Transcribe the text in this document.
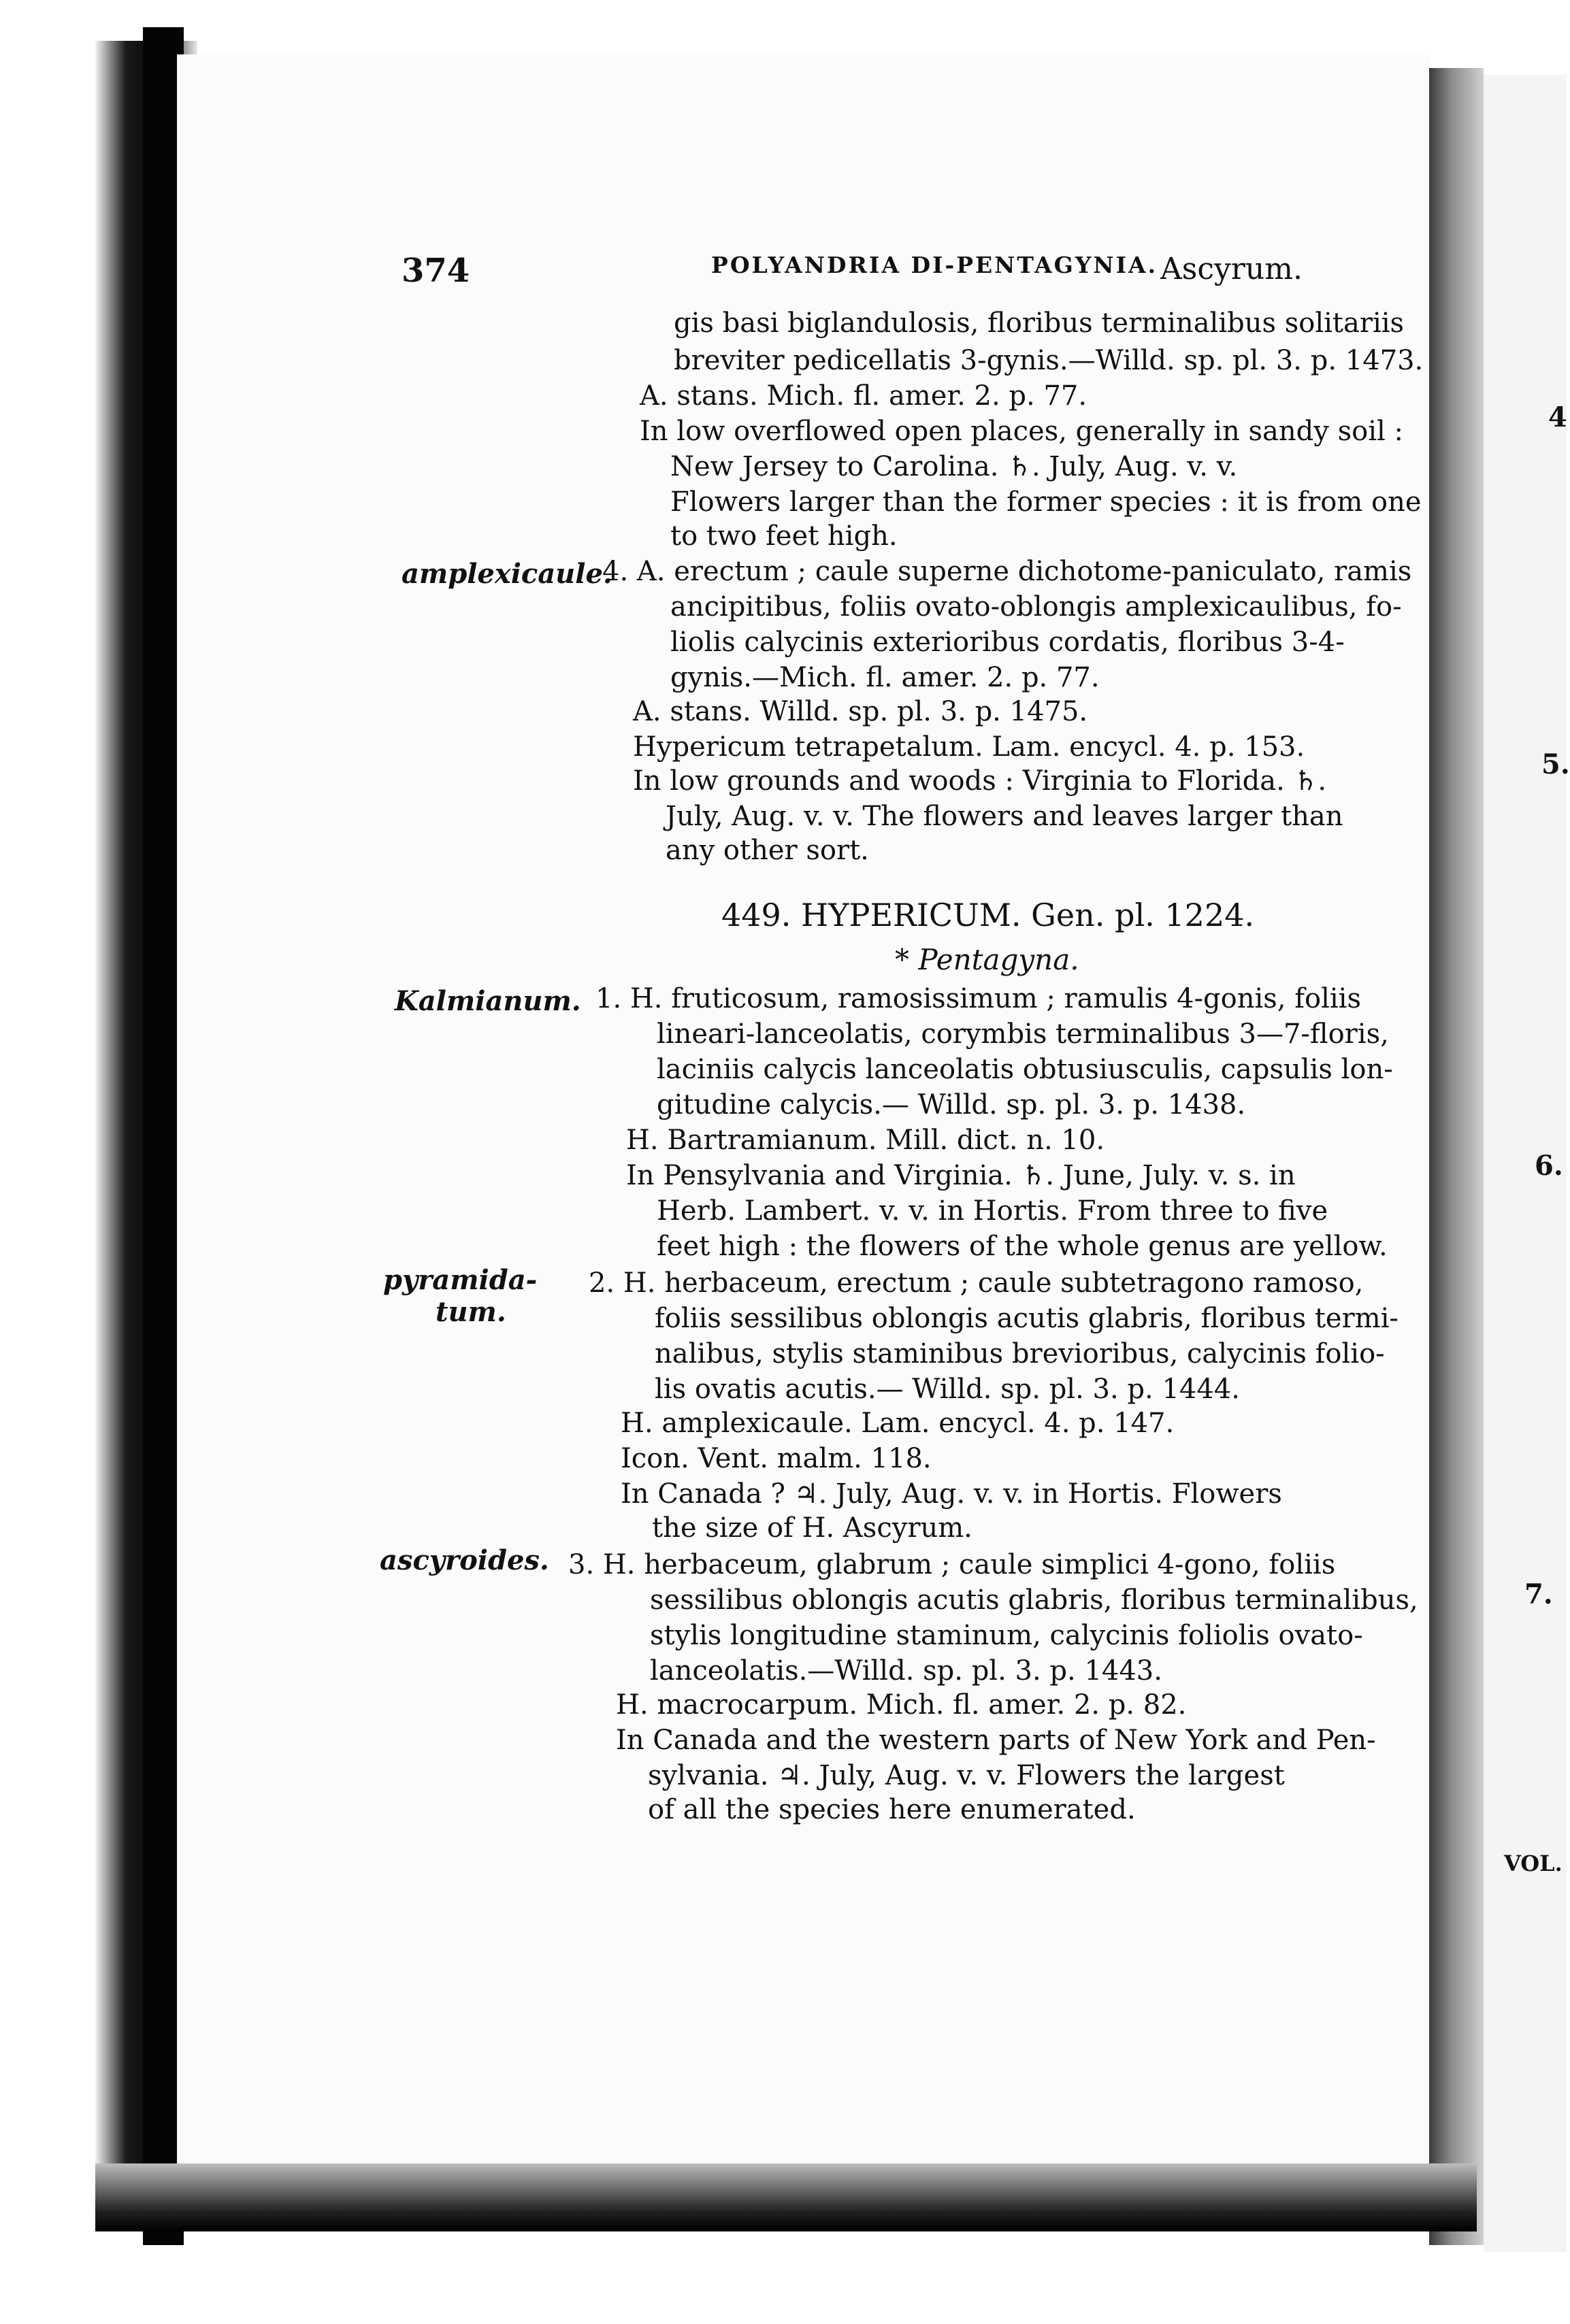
374	POLYANDRIA DI-PENTAGYNIA. Ascyrum.
amplexicaule.
Kalmianum.
pyramida-
tum.
ascyroides.
gis basi biglandulosis, floribus terminalibus solitariis
breviter pedicellatis 3-gynis.—Willd. sp. pl. 3. p. 1473.
A. stans. Mich. fl. amer. 2. p. 77.
In low overflowed open places, generally in sandy soil :
New Jersey to Carolina. ♄. July, Aug. v. v.
Flowers larger than the former species : it is from one
to two feet high.
4. A. erectum ; caule superne dichotome-paniculato, ramis
ancipitibus, foliis ovato-oblongis amplexicaulibus, fo-
liolis calycinis exterioribus cordatis, floribus 3-4-
gynis.—Mich. fl. amer. 2. p. 77.
A. stans. Willd. sp. pl. 3. p. 1475.
Hypericum tetrapetalum. Lam. encycl. 4. p. 153.
In low grounds and woods : Virginia to Florida. ♄.
July, Aug. v. v. The flowers and leaves larger than
any other sort.
449. HYPERICUM. Gen. pl. 1224.
* Pentagyna.
1. H. fruticosum, ramosissimum ; ramulis 4-gonis, foliis
lineari-lanceolatis, corymbis terminalibus 3—7-floris,
laciniis calycis lanceolatis obtusiusculis, capsulis lon-
gitudine calycis.— Willd. sp. pl. 3. p. 1438.
H. Bartramianum. Mill. dict. n. 10.
In Pensylvania and Virginia. ♄. June, July. v. s. in
Herb. Lambert. v. v. in Hortis. From three to five
feet high : the flowers of the whole genus are yellow.
2. H. herbaceum, erectum ; caule subtetragono ramoso,
foliis sessilibus oblongis acutis glabris, floribus termi-
nalibus, stylis staminibus brevioribus, calycinis folio-
lis ovatis acutis.— Willd. sp. pl. 3. p. 1444.
H. amplexicaule. Lam. encycl. 4. p. 147.
Icon. Vent. malm. 118.
In Canada ? ♃. July, Aug. v. v. in Hortis. Flowers
the size of H. Ascyrum.
3. H. herbaceum, glabrum ; caule simplici 4-gono, foliis
sessilibus oblongis acutis glabris, floribus terminalibus,
stylis longitudine staminum, calycinis foliolis ovato-
lanceolatis.—Willd. sp. pl. 3. p. 1443.
H. macrocarpum. Mich. fl. amer. 2. p. 82.
In Canada and the western parts of New York and Pen-
sylvania. ♃. July, Aug. v. v. Flowers the largest
of all the species here enumerated.
4
5.
6.
7.
VOL.
